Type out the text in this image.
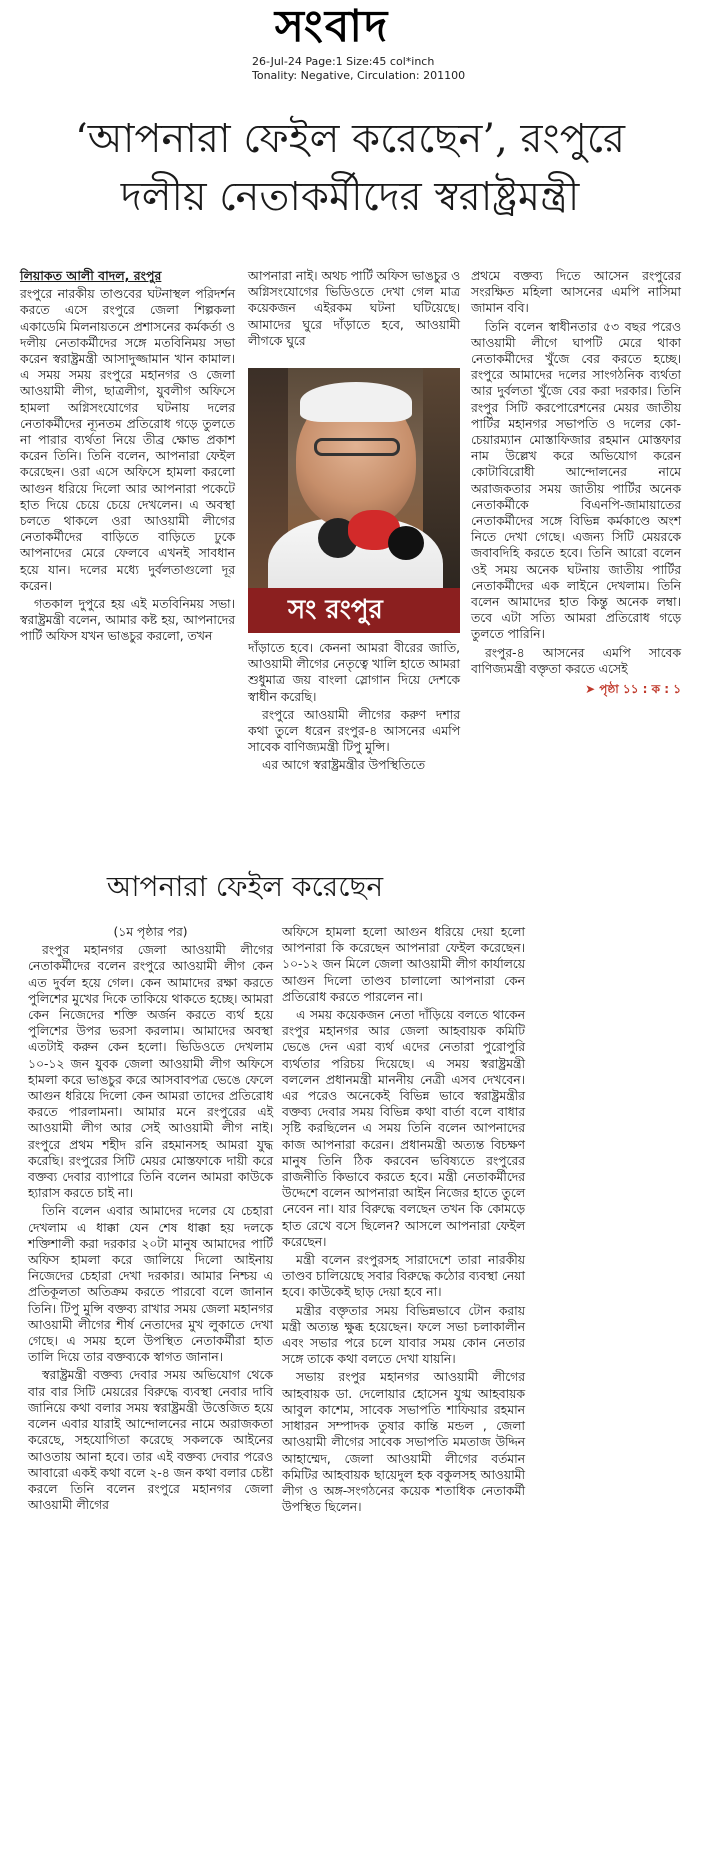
সংবাদ
26-Jul-24 Page:1 Size:45 col*inch
Tonality: Negative, Circulation: 201100
‘আপনারা ফেইল করেছেন’, রংপুরে
দলীয় নেতাকর্মীদের স্বরাষ্ট্রমন্ত্রী

লিয়াকত আলী বাদল, রংপুর

রংপুরে নারকীয় তাণ্ডবের ঘটনাস্থল পরিদর্শন করতে এসে রংপুরে জেলা শিল্পকলা একাডেমি মিলনায়তনে প্রশাসনের কর্মকর্তা ও দলীয় নেতাকর্মীদের সঙ্গে মতবিনিময় সভা করেন স্বরাষ্ট্রমন্ত্রী আসাদুজ্জামান খান কামাল। এ সময় সময় রংপুরে মহানগর ও জেলা আওয়ামী লীগ, ছাত্রলীগ, যুবলীগ অফিসে হামলা অগ্নিসংযোগের ঘটনায় দলের নেতাকর্মীদের ন্যূনতম প্রতিরোধ গড়ে তুলতে না পারার ব্যর্থতা নিয়ে তীব্র ক্ষোভ প্রকাশ করেন তিনি। তিনি বলেন, আপনারা ফেইল করেছেন। ওরা এসে অফিসে হামলা করলো আগুন ধরিয়ে দিলো আর আপনারা পকেটে হাত দিয়ে চেয়ে চেয়ে দেখলেন। এ অবস্থা চলতে থাকলে ওরা আওয়ামী লীগের নেতাকর্মীদের বাড়িতে বাড়িতে ঢুকে আপনাদের মেরে ফেলবে এখনই সাবধান হয়ে যান। দলের মধ্যে দুর্বলতাগুলো দূর করেন।

গতকাল দুপুরে হয় এই মতবিনিময় সভা। স্বরাষ্ট্রমন্ত্রী বলেন, আমার কষ্ট হয়, আপনাদের পার্টি অফিস যখন ভাঙচুর করলো, তখন

আপনারা নাই। অথচ পার্টি অফিস ভাঙচুর ও অগ্নিসংযোগের ভিডিওতে দেখা গেল মাত্র কয়েকজন এইরকম ঘটনা ঘটিয়েছে। আমাদের ঘুরে দাঁড়াতে হবে, আওয়ামী লীগকে ঘুরে

সং রংপুর

দাঁড়াতে হবে। কেননা আমরা বীরের জাতি, আওয়ামী লীগের নেতৃত্বে খালি হাতে আমরা শুধুমাত্র জয় বাংলা স্লোগান দিয়ে দেশকে স্বাধীন করেছি।

রংপুরে আওয়ামী লীগের করুণ দশার কথা তুলে ধরেন রংপুর-৪ আসনের এমপি সাবেক বাণিজ্যমন্ত্রী টিপু মুন্সি।

এর আগে স্বরাষ্ট্রমন্ত্রীর উপস্থিতিতে

প্রথমে বক্তব্য দিতে আসেন রংপুরের সংরক্ষিত মহিলা আসনের এমপি নাসিমা জামান ববি।

তিনি বলেন স্বাধীনতার ৫৩ বছর পরেও আওয়ামী লীগে ঘাপটি মেরে থাকা নেতাকর্মীদের খুঁজে বের করতে হচ্ছে। রংপুরে আমাদের দলের সাংগঠনিক ব্যর্থতা আর দুর্বলতা খুঁজে বের করা দরকার। তিনি রংপুর সিটি করপোরেশনের মেয়র জাতীয় পার্টির মহানগর সভাপতি ও দলের কো-চেয়ারম্যান মোস্তাফিজার রহমান মোস্তফার নাম উল্লেখ করে অভিযোগ করেন কোটাবিরোধী আন্দোলনের নামে অরাজকতার সময় জাতীয় পার্টির অনেক নেতাকর্মীকে বিএনপি-জামায়াতের নেতাকর্মীদের সঙ্গে বিভিন্ন কর্মকাণ্ডে অংশ নিতে দেখা গেছে। এজন্য সিটি মেয়রকে জবাবদিহি করতে হবে। তিনি আরো বলেন ওই সময় অনেক ঘটনায় জাতীয় পার্টির নেতাকর্মীদের এক লাইনে দেখলাম। তিনি বলেন আমাদের হাত কিন্তু অনেক লম্বা। তবে এটা সত্যি আমরা প্রতিরোধ গড়ে তুলতে পারিনি।

রংপুর-৪ আসনের এমপি সাবেক বাণিজ্যমন্ত্রী বক্তৃতা করতে এসেই

➤ পৃষ্ঠা ১১ : ক : ১
আপনারা ফেইল করেছেন

(১ম পৃষ্ঠার পর)

রংপুর মহানগর জেলা আওয়ামী লীগের নেতাকর্মীদের বলেন রংপুরে আওয়ামী লীগ কেন এত দুর্বল হয়ে গেল। কেন আমাদের রক্ষা করতে পুলিশের মুখের দিকে তাকিয়ে থাকতে হচ্ছে। আমরা কেন নিজেদের শক্তি অর্জন করতে ব্যর্থ হয়ে পুলিশের উপর ভরসা করলাম। আমাদের অবস্থা এতটাই করুন কেন হলো। ভিডিওতে দেখলাম ১০-১২ জন যুবক জেলা আওয়ামী লীগ অফিসে হামলা করে ভাঙচুর করে আসবাবপত্র ভেঙে ফেলে আগুন ধরিয়ে দিলো কেন আমরা তাদের প্রতিরোধ করতে পারলামনা। আমার মনে রংপুরের এই আওয়ামী লীগ আর সেই আওয়ামী লীগ নাই। রংপুরে প্রথম শহীদ রনি রহমানসহ আমরা যুদ্ধ করেছি। রংপুরের সিটি মেয়র মোস্তফাকে দায়ী করে বক্তব্য দেবার ব্যাপারে তিনি বলেন আমরা কাউকে হ্যারাস করতে চাই না।

তিনি বলেন এবার আমাদের দলের যে চেহারা দেখলাম এ ধাক্কা যেন শেষ ধাক্কা হয় দলকে শক্তিশালী করা দরকার ২০টা মানুষ আমাদের পার্টি অফিস হামলা করে জালিয়ে দিলো আইনায় নিজেদের চেহারা দেখা দরকার। আমার নিশ্চয় এ প্রতিকূলতা অতিক্রম করতে পারবো বলে জানান তিনি। টিপু মুন্সি বক্তব্য রাখার সময় জেলা মহানগর আওয়ামী লীগের শীর্ষ নেতাদের মুখ লুকাতে দেখা গেছে। এ সময় হলে উপস্থিত নেতাকর্মীরা হাত তালি দিয়ে তার বক্তব্যকে স্বাগত জানান।

স্বরাষ্ট্রমন্ত্রী বক্তব্য দেবার সময় অভিযোগ থেকে বার বার সিটি মেয়রের বিরুদ্ধে ব্যবস্থা নেবার দাবি জানিয়ে কথা বলার সময় স্বরাষ্ট্রমন্ত্রী উত্তেজিত হয়ে বলেন এবার যারাই আন্দোলনের নামে অরাজকতা করেছে, সহযোগিতা করেছে সকলকে আইনের আওতায় আনা হবে। তার এই বক্তব্য দেবার পরেও আবারো একই কথা বলে ২-৪ জন কথা বলার চেষ্টা করলে তিনি বলেন রংপুরে মহানগর জেলা আওয়ামী লীগের

অফিসে হামলা হলো আগুন ধরিয়ে দেয়া হলো আপনারা কি করেছেন আপনারা ফেইল করেছেন। ১০-১২ জন মিলে জেলা আওয়ামী লীগ কার্যালয়ে আগুন দিলো তাণ্ডব চালালো আপনারা কেন প্রতিরোধ করতে পারলেন না।

এ সময় কয়েকজন নেতা দাঁড়িয়ে বলতে থাকেন রংপুর মহানগর আর জেলা আহবায়ক কমিটি ভেঙে দেন এরা ব্যর্থ এদের নেতারা পুরোপুরি ব্যর্থতার পরিচয় দিয়েছে। এ সময় স্বরাষ্ট্রমন্ত্রী বললেন প্রধানমন্ত্রী মাননীয় নেত্রী এসব দেখবেন। এর পরেও অনেকেই বিভিন্ন ভাবে স্বরাষ্ট্রমন্ত্রীর বক্তব্য দেবার সময় বিভিন্ন কথা বার্তা বলে বাধার সৃষ্টি করছিলেন এ সময় তিনি বলেন আপনাদের কাজ আপনারা করেন। প্রধানমন্ত্রী অত্যন্ত বিচক্ষণ মানুষ তিনি ঠিক করবেন ভবিষ্যতে রংপুরের রাজনীতি কিভাবে করতে হবে। মন্ত্রী নেতাকর্মীদের উদ্দেশে বলেন আপনারা আইন নিজের হাতে তুলে নেবেন না। যার বিরুদ্ধে বলছেন তখন কি কোমড়ে হাত রেখে বসে ছিলেন? আসলে আপনারা ফেইল করেছেন।

মন্ত্রী বলেন রংপুরসহ সারাদেশে তারা নারকীয় তাণ্ডব চালিয়েছে সবার বিরুদ্ধে কঠোর ব্যবস্থা নেয়া হবে। কাউকেই ছাড় দেয়া হবে না।

মন্ত্রীর বক্তৃতার সময় বিভিন্নভাবে টোন করায় মন্ত্রী অত্যন্ত ক্ষুব্ধ হয়েছেন। ফলে সভা চলাকালীন এবং সভার পরে চলে যাবার সময় কোন নেতার সঙ্গে তাকে কথা বলতে দেখা যায়নি।

সভায় রংপুর মহানগর আওয়ামী লীগের আহবায়ক ডা. দেলোয়ার হোসেন যুগ্ম আহবায়ক আবুল কাশেম, সাবেক সভাপতি শাফিয়ার রহমান সাধারন সম্পাদক তুষার কান্তি মন্ডল , জেলা আওয়ামী লীগের সাবেক সভাপতি মমতাজ উদ্দিন আহাম্মেদ, জেলা আওয়ামী লীগের বর্তমান কমিটির আহবায়ক ছায়েদুল হক বকুলসহ আওয়ামী লীগ ও অঙ্গ-সংগঠনের কয়েক শতাধিক নেতাকর্মী উপস্থিত ছিলেন।
